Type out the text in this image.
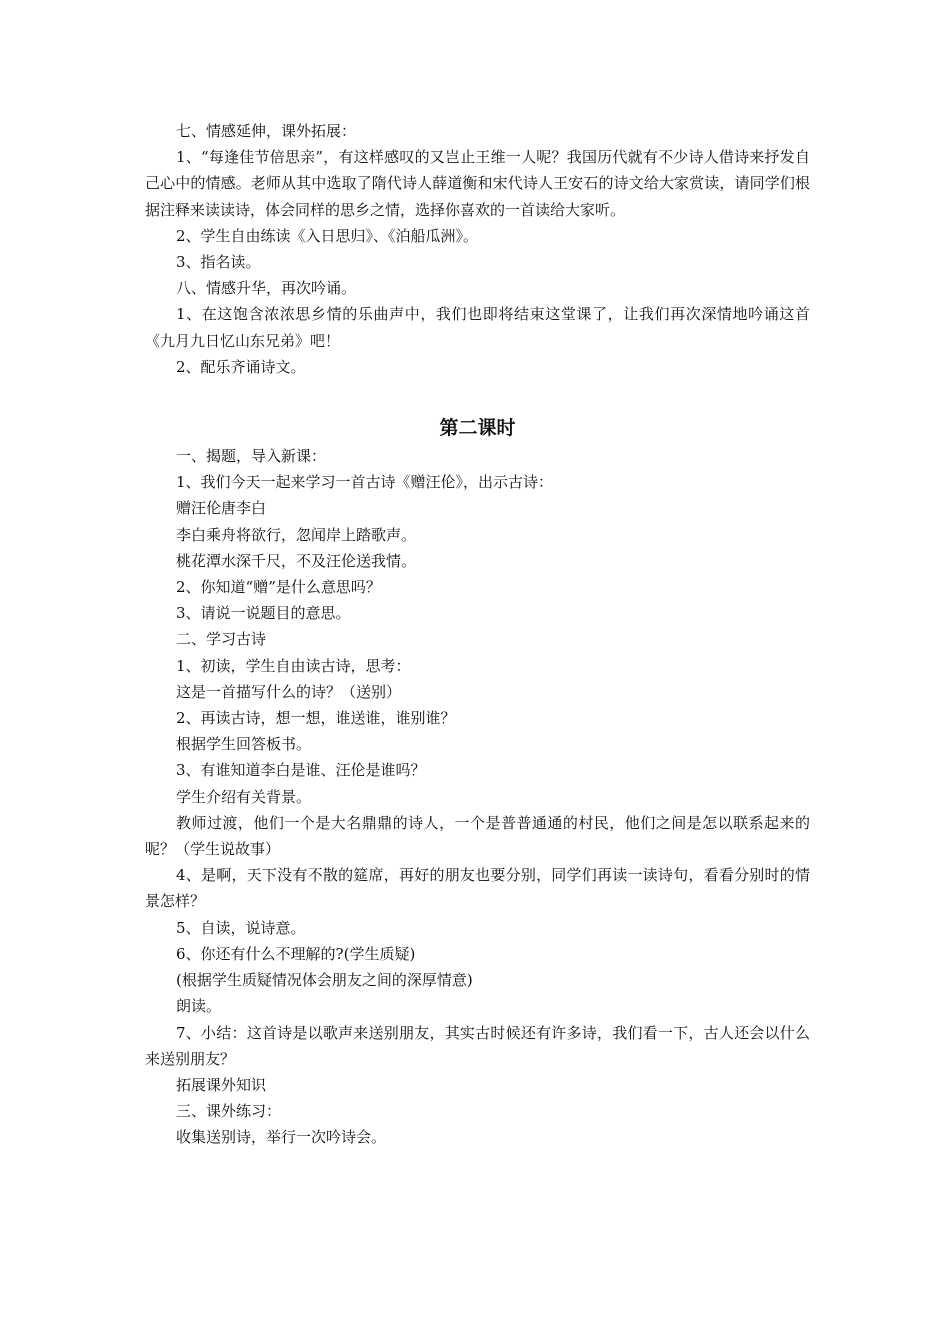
七、情感延伸，课外拓展：

1、“每逢佳节倍思亲”，有这样感叹的又岂止王维一人呢？我国历代就有不少诗人借诗来抒发自己心中的情感。老师从其中选取了隋代诗人薛道衡和宋代诗人王安石的诗文给大家赏读，请同学们根据注释来读读诗，体会同样的思乡之情，选择你喜欢的一首读给大家听。

2、学生自由练读《入日思归》、《泊船瓜洲》。

3、指名读。

八、情感升华，再次吟诵。

1、在这饱含浓浓思乡情的乐曲声中，我们也即将结束这堂课了，让我们再次深情地吟诵这首《九月九日忆山东兄弟》吧！

2、配乐齐诵诗文。

第二课时

一、揭题，导入新课：

1、我们今天一起来学习一首古诗《赠汪伦》，出示古诗：

赠汪伦唐李白

李白乘舟将欲行，忽闻岸上踏歌声。

桃花潭水深千尺，不及汪伦送我情。

2、你知道“赠”是什么意思吗？

3、请说一说题目的意思。

二、学习古诗

1、初读，学生自由读古诗，思考：

这是一首描写什么的诗？（送别）

2、再读古诗，想一想，谁送谁，谁别谁？

根据学生回答板书。

3、有谁知道李白是谁、汪伦是谁吗？

学生介绍有关背景。

教师过渡，他们一个是大名鼎鼎的诗人，一个是普普通通的村民，他们之间是怎以联系起来的呢？（学生说故事）

4、是啊，天下没有不散的筵席，再好的朋友也要分别，同学们再读一读诗句，看看分别时的情景怎样？

5、自读，说诗意。

6、你还有什么不理解的?(学生质疑)

(根据学生质疑情况体会朋友之间的深厚情意)

朗读。

7、小结：这首诗是以歌声来送别朋友，其实古时候还有许多诗，我们看一下，古人还会以什么来送别朋友？

拓展课外知识

三、课外练习：

收集送别诗，举行一次吟诗会。
